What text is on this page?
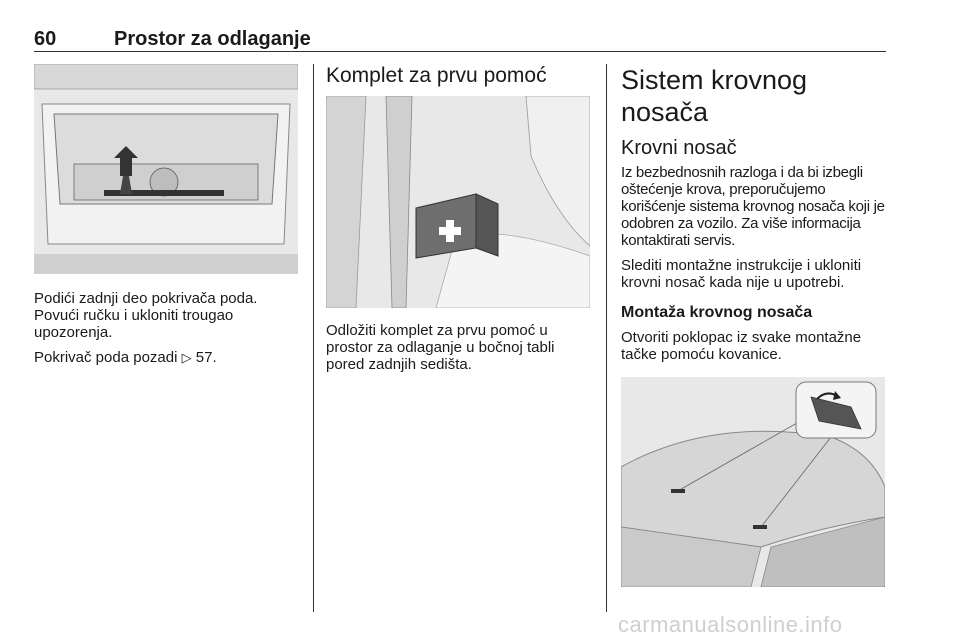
60	Prostor za odlaganje

Podići zadnji deo pokrivača poda. Povući ručku i ukloniti trougao upozorenja.

Pokrivač poda pozadi ▷ 57.

Komplet za prvu pomoć

Odložiti komplet za prvu pomoć u prostor za odlaganje u bočnoj tabli pored zadnjih sedišta.

Sistem krovnog nosača
Krovni nosač

Iz bezbednosnih razloga i da bi izbegli oštećenje krova, preporučujemo korišćenje sistema krovnog nosača koji je odobren za vozilo. Za više informacija kontaktirati servis.

Slediti montažne instrukcije i ukloniti krovni nosač kada nije u upotrebi.

Montaža krovnog nosača

Otvoriti poklopac iz svake montažne tačke pomoću kovanice.

carmanualsonline.info
